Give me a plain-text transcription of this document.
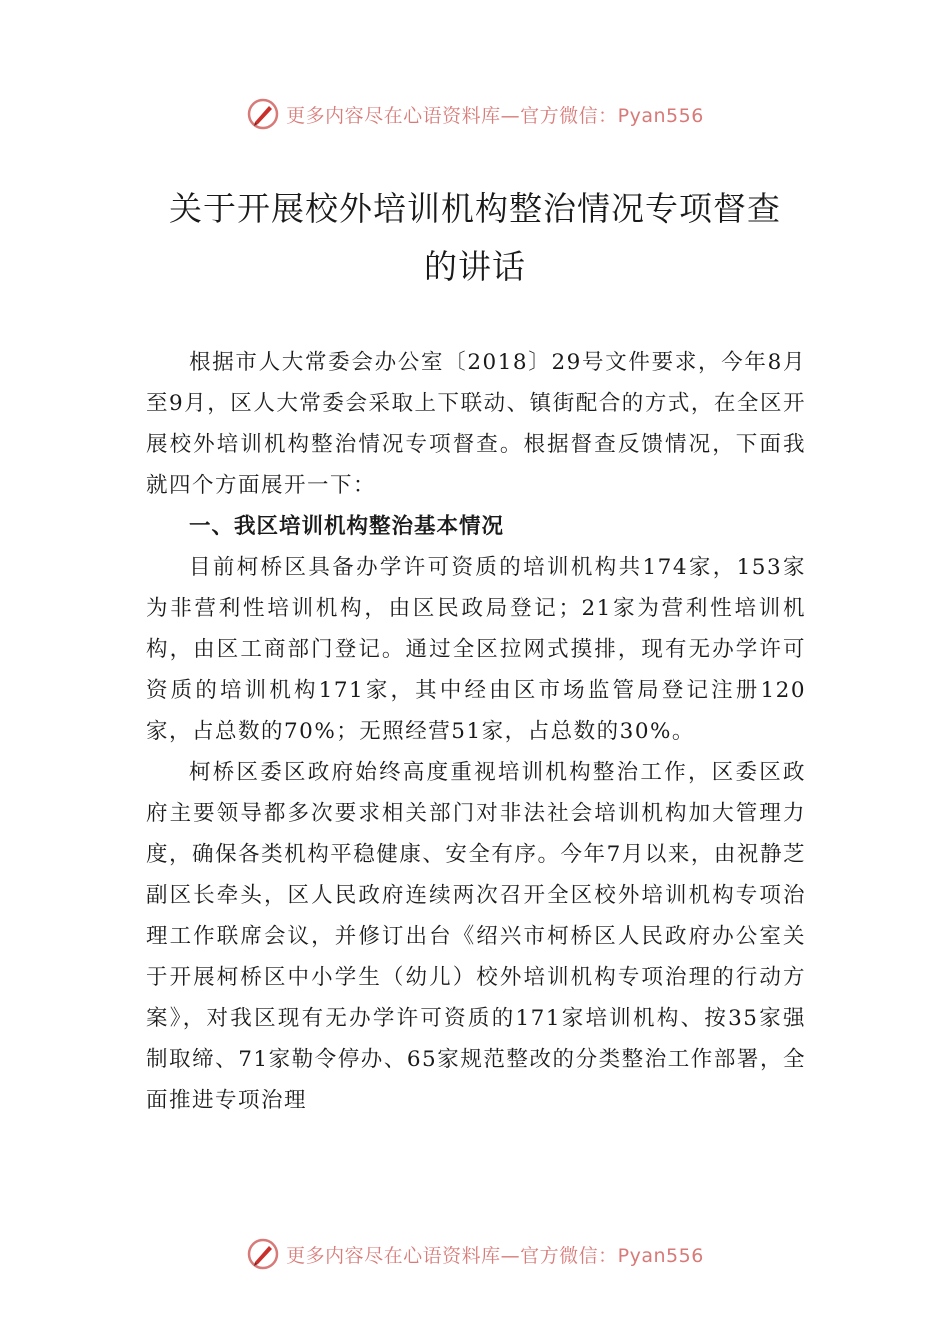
更多内容尽在心语资料库—官方微信：Pyan556
关于开展校外培训机构整治情况专项督查
的讲话

根据市人大常委会办公室〔2018〕29号文件要求，今年8月至9月，区人大常委会采取上下联动、镇街配合的方式，在全区开展校外培训机构整治情况专项督查。根据督查反馈情况，下面我就四个方面展开一下：

一、我区培训机构整治基本情况

目前柯桥区具备办学许可资质的培训机构共174家，153家为非营利性培训机构，由区民政局登记；21家为营利性培训机构，由区工商部门登记。通过全区拉网式摸排，现有无办学许可资质的培训机构171家，其中经由区市场监管局登记注册120家，占总数的70%；无照经营51家，占总数的30%。

柯桥区委区政府始终高度重视培训机构整治工作，区委区政府主要领导都多次要求相关部门对非法社会培训机构加大管理力度，确保各类机构平稳健康、安全有序。今年7月以来，由祝静芝副区长牵头，区人民政府连续两次召开全区校外培训机构专项治理工作联席会议，并修订出台《绍兴市柯桥区人民政府办公室关于开展柯桥区中小学生（幼儿）校外培训机构专项治理的行动方案》，对我区现有无办学许可资质的171家培训机构、按35家强制取缔、71家勒令停办、65家规范整改的分类整治工作部署，全面推进专项治理

更多内容尽在心语资料库—官方微信：Pyan556
